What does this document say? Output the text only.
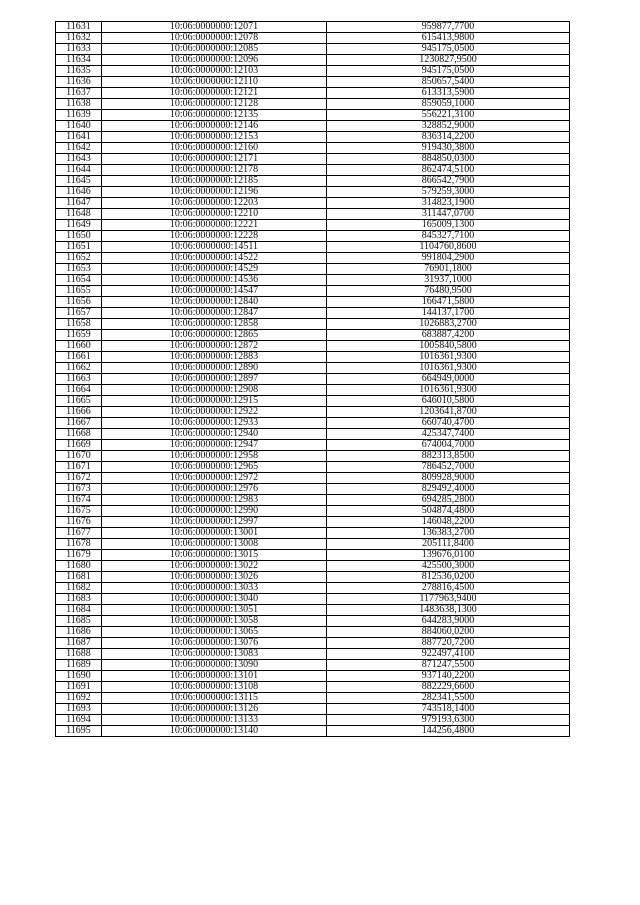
11631	10:06:0000000:12071	959877,7700
11632	10:06:0000000:12078	615413,9800
11633	10:06:0000000:12085	945175,0500
11634	10:06:0000000:12096	1230827,9500
11635	10:06:0000000:12103	945175,0500
11636	10:06:0000000:12110	850657,5400
11637	10:06:0000000:12121	613313,5900
11638	10:06:0000000:12128	859059,1000
11639	10:06:0000000:12135	556221,3100
11640	10:06:0000000:12146	328852,9000
11641	10:06:0000000:12153	836314,2200
11642	10:06:0000000:12160	919430,3800
11643	10:06:0000000:12171	884850,0300
11644	10:06:0000000:12178	862474,5100
11645	10:06:0000000:12185	866542,7900
11646	10:06:0000000:12196	579259,3000
11647	10:06:0000000:12203	314823,1900
11648	10:06:0000000:12210	311447,0700
11649	10:06:0000000:12221	165009,1300
11650	10:06:0000000:12228	845327,7100
11651	10:06:0000000:14511	1104760,8600
11652	10:06:0000000:14522	991804,2900
11653	10:06:0000000:14529	76901,1800
11654	10:06:0000000:14536	31937,1000
11655	10:06:0000000:14547	76480,9500
11656	10:06:0000000:12840	166471,5800
11657	10:06:0000000:12847	144137,1700
11658	10:06:0000000:12858	1026883,2700
11659	10:06:0000000:12865	683887,4200
11660	10:06:0000000:12872	1005840,5800
11661	10:06:0000000:12883	1016361,9300
11662	10:06:0000000:12890	1016361,9300
11663	10:06:0000000:12897	664949,0000
11664	10:06:0000000:12908	1016361,9300
11665	10:06:0000000:12915	646010,5800
11666	10:06:0000000:12922	1203641,8700
11667	10:06:0000000:12933	660740,4700
11668	10:06:0000000:12940	425347,7400
11669	10:06:0000000:12947	674004,7000
11670	10:06:0000000:12958	882313,8500
11671	10:06:0000000:12965	786452,7000
11672	10:06:0000000:12972	809928,9000
11673	10:06:0000000:12976	829492,4000
11674	10:06:0000000:12983	694285,2800
11675	10:06:0000000:12990	504874,4800
11676	10:06:0000000:12997	146048,2200
11677	10:06:0000000:13001	136383,2700
11678	10:06:0000000:13008	205111,8400
11679	10:06:0000000:13015	139676,0100
11680	10:06:0000000:13022	425500,3000
11681	10:06:0000000:13026	812536,0200
11682	10:06:0000000:13033	278816,4500
11683	10:06:0000000:13040	1177963,9400
11684	10:06:0000000:13051	1483638,1300
11685	10:06:0000000:13058	644283,9000
11686	10:06:0000000:13065	884060,0200
11687	10:06:0000000:13076	887720,7200
11688	10:06:0000000:13083	922497,4100
11689	10:06:0000000:13090	871247,5500
11690	10:06:0000000:13101	937140,2200
11691	10:06:0000000:13108	882229,6600
11692	10:06:0000000:13115	282341,5500
11693	10:06:0000000:13126	743518,1400
11694	10:06:0000000:13133	979193,6300
11695	10:06:0000000:13140	144256,4800
